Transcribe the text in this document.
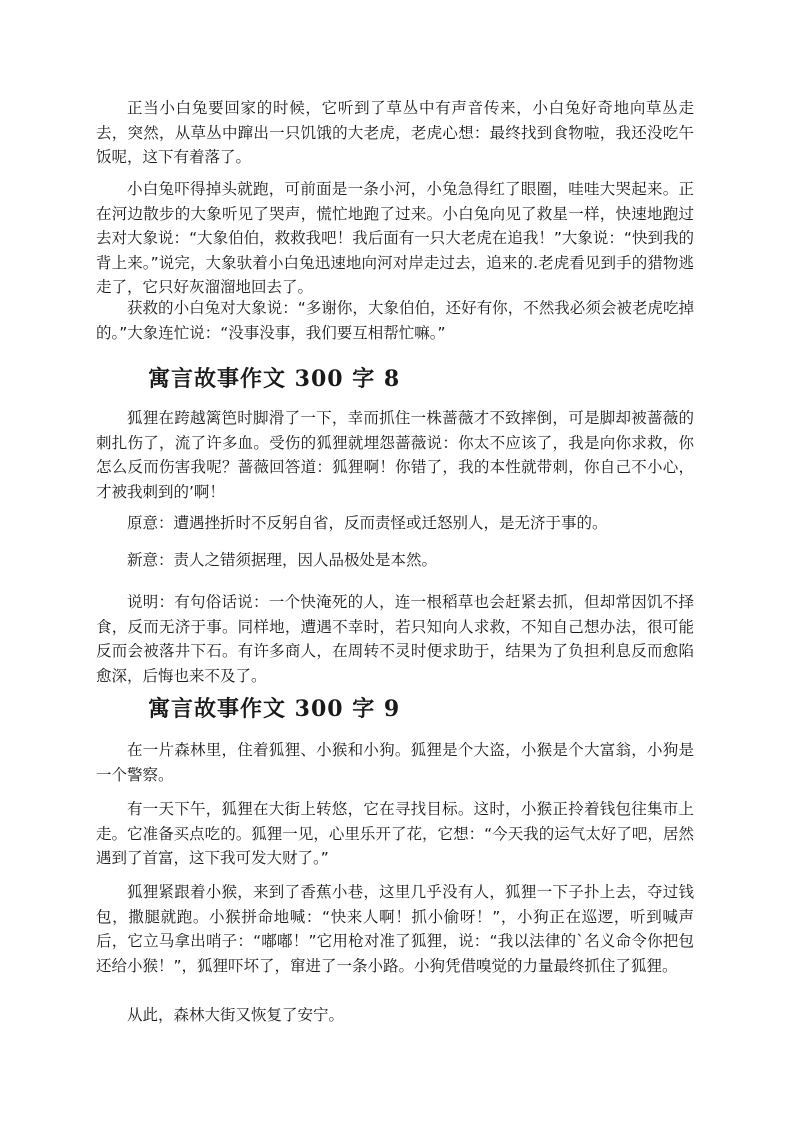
正当小白兔要回家的时候，它听到了草丛中有声音传来，小白兔好奇地向草丛走去，突然，从草丛中蹿出一只饥饿的大老虎，老虎心想：最终找到食物啦，我还没吃午饭呢，这下有着落了。

小白兔吓得掉头就跑，可前面是一条小河，小兔急得红了眼圈，哇哇大哭起来。正在河边散步的大象听见了哭声，慌忙地跑了过来。小白兔向见了救星一样，快速地跑过去对大象说：“大象伯伯，救救我吧！我后面有一只大老虎在追我！”大象说：“快到我的背上来。”说完，大象驮着小白兔迅速地向河对岸走过去，追来的.老虎看见到手的猎物逃走了，它只好灰溜溜地回去了。

获救的小白兔对大象说：“多谢你，大象伯伯，还好有你，不然我必须会被老虎吃掉的。”大象连忙说：“没事没事，我们要互相帮忙嘛。”

寓言故事作文 300 字 8

狐狸在跨越篱笆时脚滑了一下，幸而抓住一株蔷薇才不致摔倒，可是脚却被蔷薇的刺扎伤了，流了许多血。受伤的狐狸就埋怨蔷薇说：你太不应该了，我是向你求救，你怎么反而伤害我呢？蔷薇回答道：狐狸啊！你错了，我的本性就带刺，你自己不小心，才被我刺到的’啊！

原意：遭遇挫折时不反躬自省，反而责怪或迁怒别人，是无济于事的。

新意：责人之错须据理，因人品极处是本然。

说明：有句俗话说：一个快淹死的人，连一根稻草也会赶紧去抓，但却常因饥不择食，反而无济于事。同样地，遭遇不幸时，若只知向人求救，不知自己想办法，很可能反而会被落井下石。有许多商人，在周转不灵时便求助于，结果为了负担利息反而愈陷愈深，后悔也来不及了。

寓言故事作文 300 字 9

在一片森林里，住着狐狸、小猴和小狗。狐狸是个大盗，小猴是个大富翁，小狗是一个警察。

有一天下午，狐狸在大街上转悠，它在寻找目标。这时，小猴正拎着钱包往集市上走。它准备买点吃的。狐狸一见，心里乐开了花，它想：“今天我的运气太好了吧，居然遇到了首富，这下我可发大财了。”

狐狸紧跟着小猴，来到了香蕉小巷，这里几乎没有人，狐狸一下子扑上去，夺过钱包，撒腿就跑。小猴拼命地喊：“快来人啊！抓小偷呀！”，小狗正在巡逻，听到喊声后，它立马拿出哨子：“嘟嘟！”它用枪对准了狐狸，说：“我以法律的`名义命令你把包还给小猴！”，狐狸吓坏了，窜进了一条小路。小狗凭借嗅觉的力量最终抓住了狐狸。

从此，森林大街又恢复了安宁。
